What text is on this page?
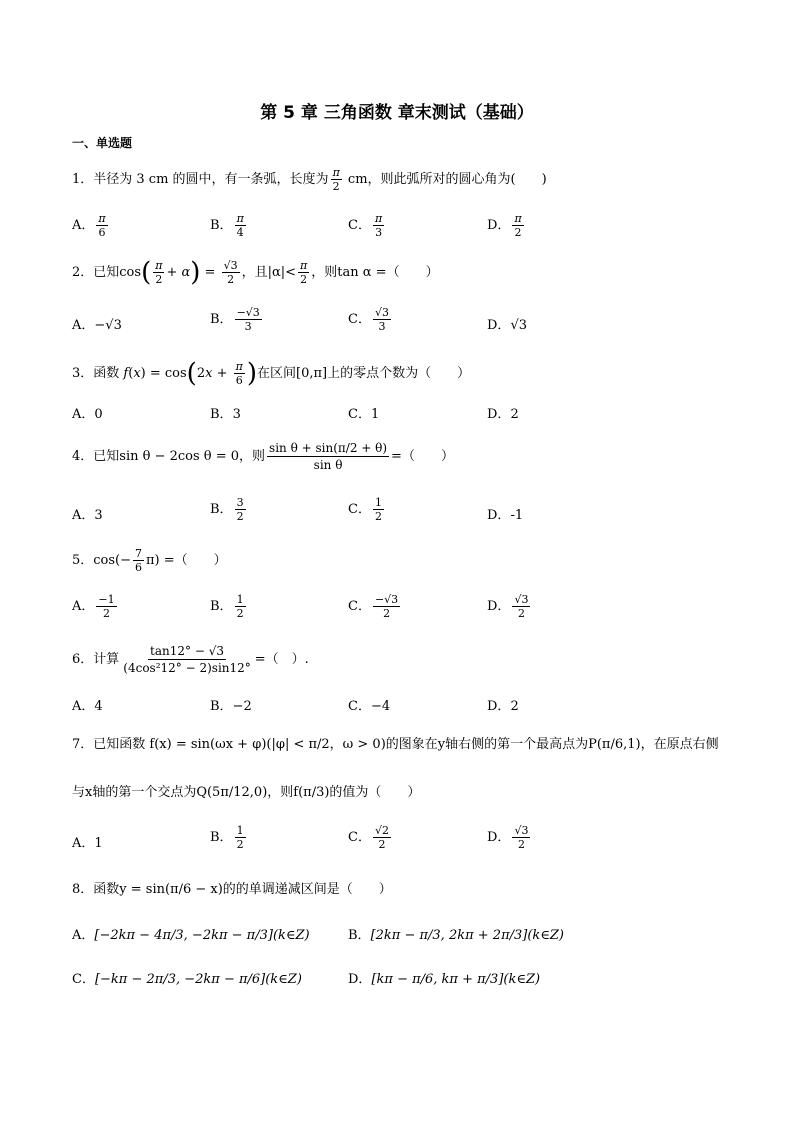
第 5 章 三角函数 章末测试（基础）
一、单选题
1．半径为 3 cm 的圆中，有一条弧，长度为 $\frac{\pi}{2}$ cm，则此弧所对的圆心角为(　　)
A． $\frac{\pi}{6}$	B． $\frac{\pi}{4}$	C． $\frac{\pi}{3}$	D． $\frac{\pi}{2}$
2．已知$\cos( \frac{\pi}{2} + \alpha) = \frac{√3}{2}$ ，且$|\alpha|< \frac{\pi}{2}$ ，则tan α =（　　）
A．−√3	B． $\frac{-√3}{3}$	C． $\frac{√3}{3}$	D．√3
3．函数 $f(x) = \cos(2x + \frac{\pi}{6}$ )在区间[0,π]上的零点个数为（　　）
A．0	B．3	C．1	D．2
4．已知sin θ − 2cos θ = 0，则 $\frac{\text{sin θ + sin(π/2 + θ)}}{\text{sin θ}}$ =（　　）
A．3	B． $\frac{3}{2}$	C． $\frac{1}{2}$	D．-1
5．$\cos(- \frac{7}{6} \pi)$ =（　　）
A． $\frac{-1}{2}$	B． $\frac{1}{2}$	C． $\frac{-√3}{2}$	D． $\frac{√3}{2}$
6．计算 $\frac{\tan 12^\circ - √3}{\text{(4cos²12° − 2)sin12°}}$ =（　）.
A．4	B．−2	C．−4	D．2
7．已知函数 f(x) = sin(ωx + φ)(|φ| < π/2，ω > 0)的图象在y轴右侧的第一个最高点为P(π/6,1)，在原点右侧
与x轴的第一个交点为Q(5π/12,0)，则f(π/3)的值为（　　）
A．1	B． $\frac{1}{2}$	C． $\frac{√2}{2}$	D． $\frac{√3}{2}$
8．函数y = sin(π/6 − x)的的单调递减区间是（　　）
A．[−2kπ − 4π/3, −2kπ − π/3](k∈Z)	B．[2kπ − π/3, 2kπ + 2π/3](k∈Z)
C．[−kπ − 2π/3, −2kπ − π/6](k∈Z)	D．[kπ − π/6, kπ + π/3](k∈Z)
